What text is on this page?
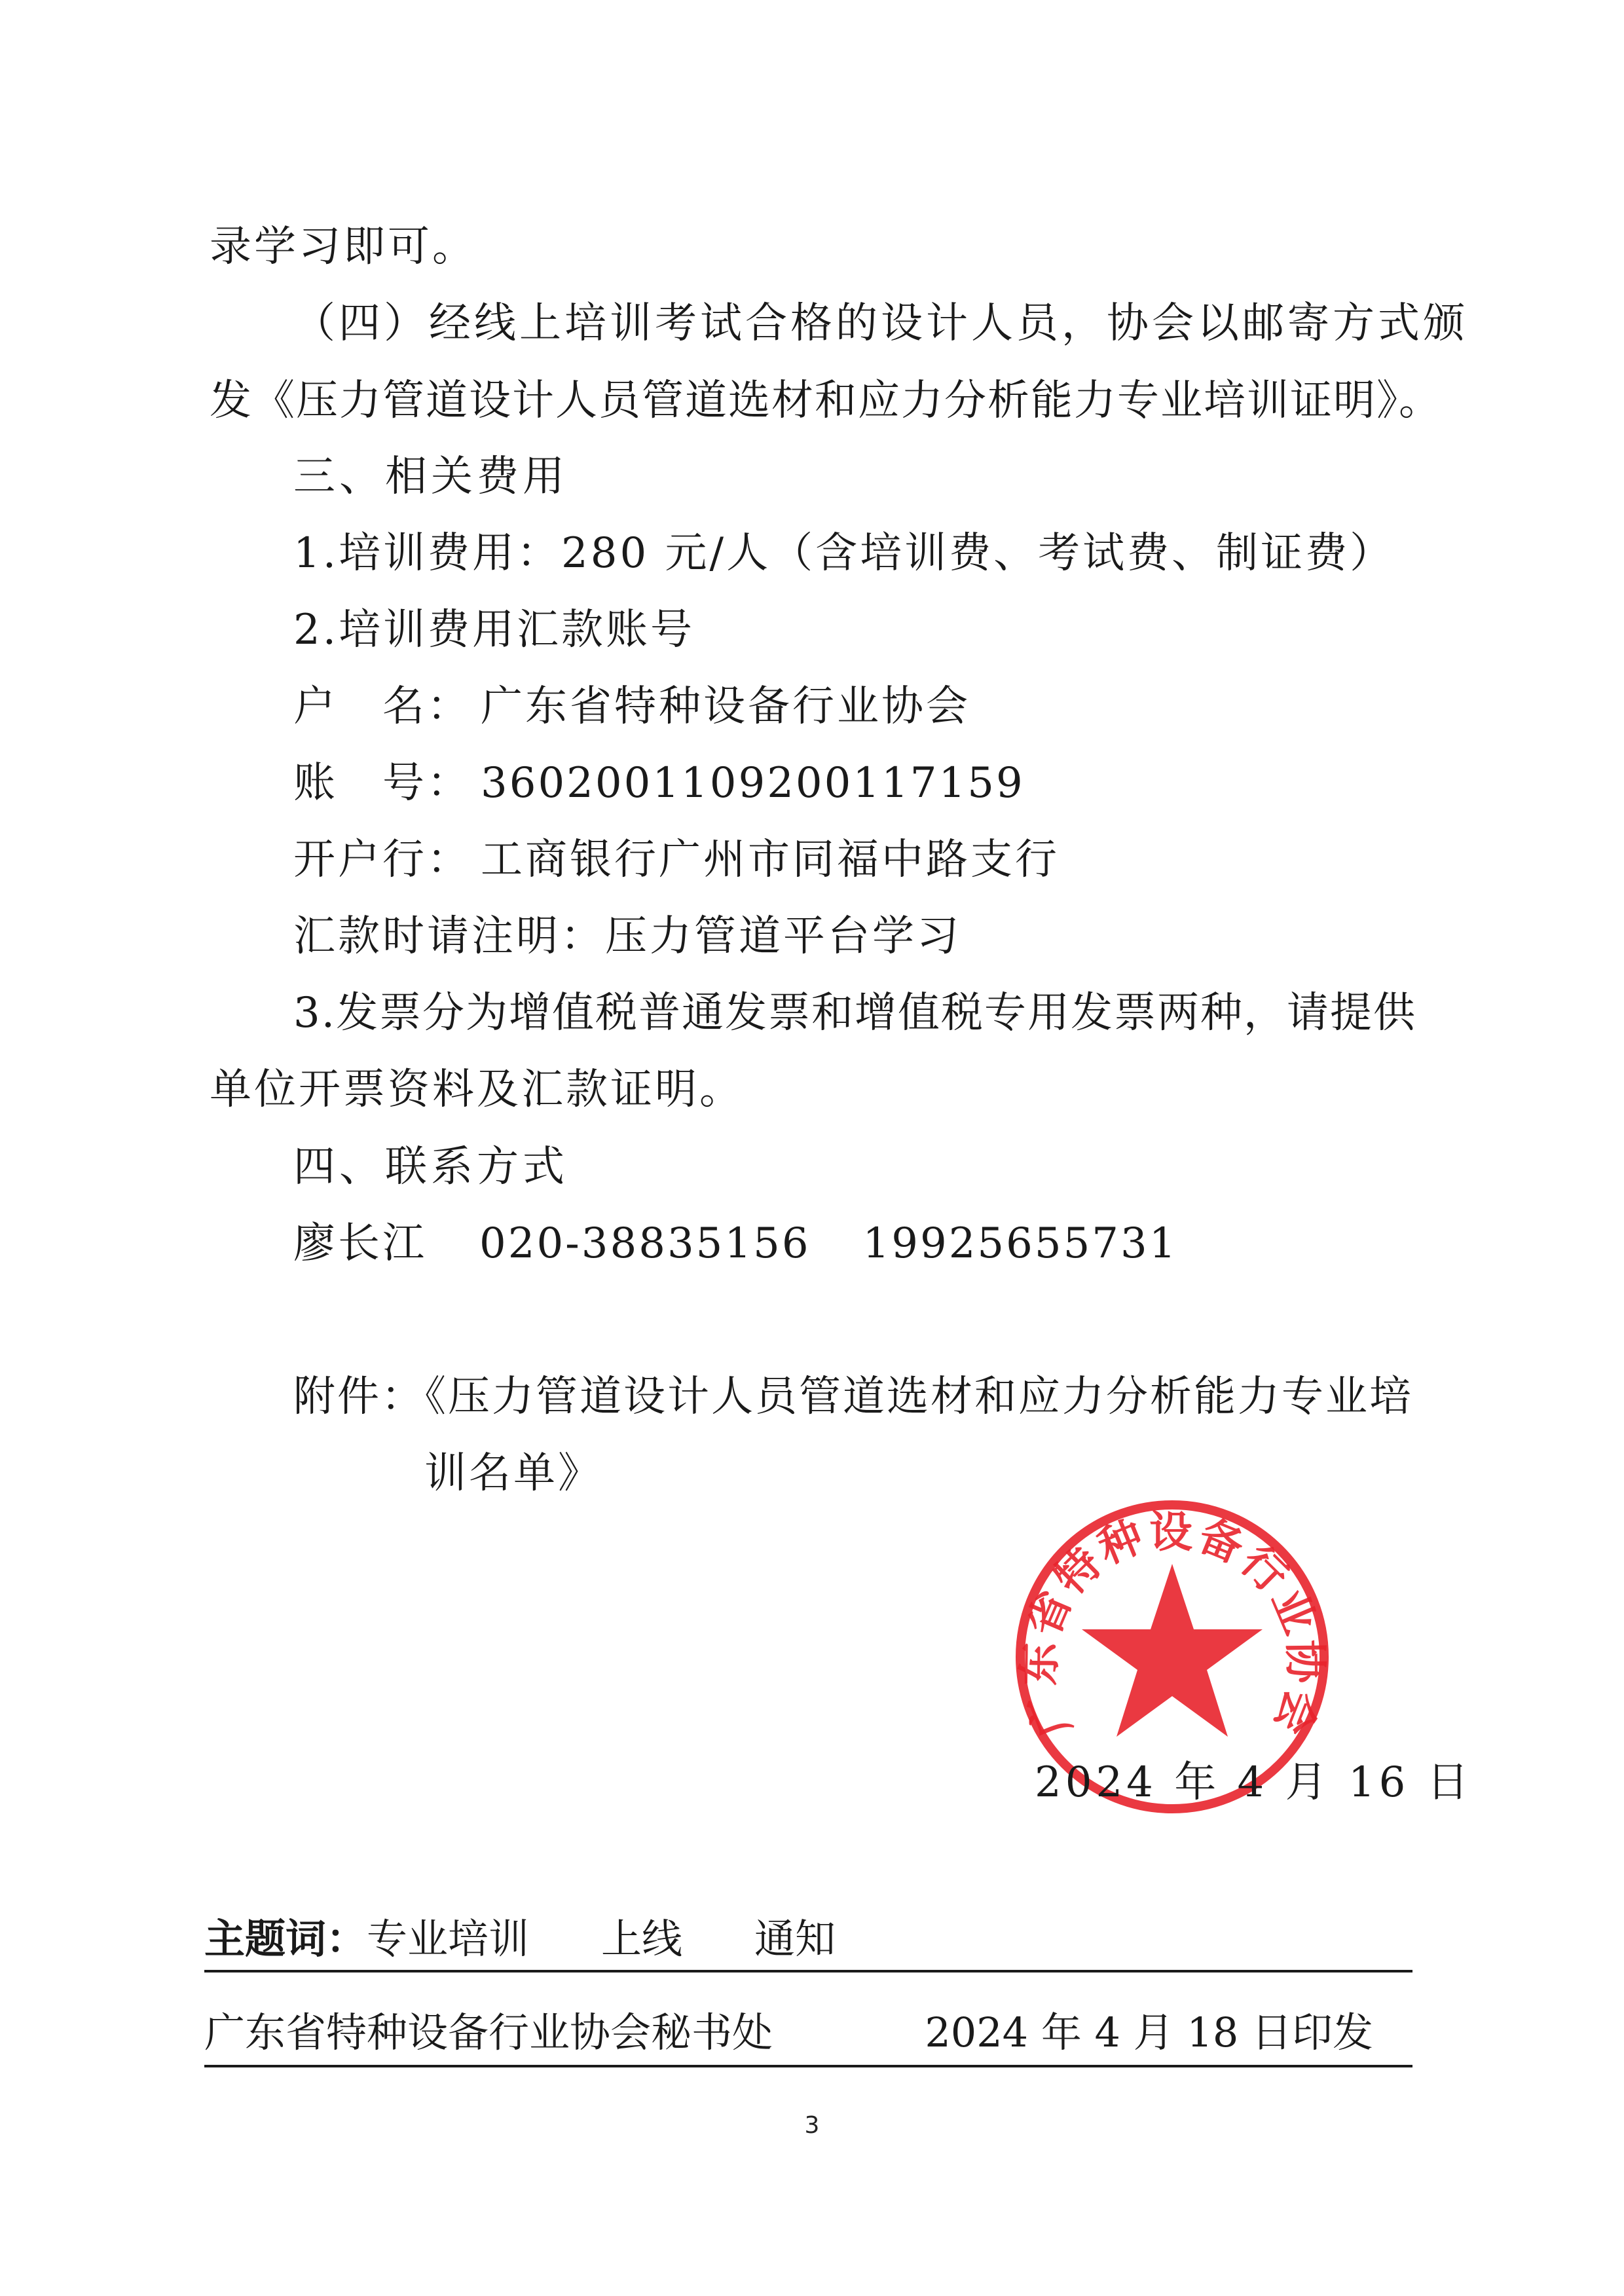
录学习即可。
（四）经线上培训考试合格的设计人员，协会以邮寄方式颁
发《压力管道设计人员管道选材和应力分析能力专业培训证明》。
三、相关费用
1.培训费用：280 元/人（含培训费、考试费、制证费）
2.培训费用汇款账号
户　名： 广东省特种设备行业协会
账　号： 3602001109200117159
开户行： 工商银行广州市同福中路支行
汇款时请注明：压力管道平台学习
3.发票分为增值税普通发票和增值税专用发票两种，请提供
单位开票资料及汇款证明。
四、联系方式
廖长江 020-38835156 19925655731
附件：《压力管道设计人员管道选材和应力分析能力专业培
训名单》
广东省特种设备行业协会
2024 年 4 月 16 日
主题词：专业培训 上线 通知
广东省特种设备行业协会秘书处	2024 年 4 月 18 日印发
3
